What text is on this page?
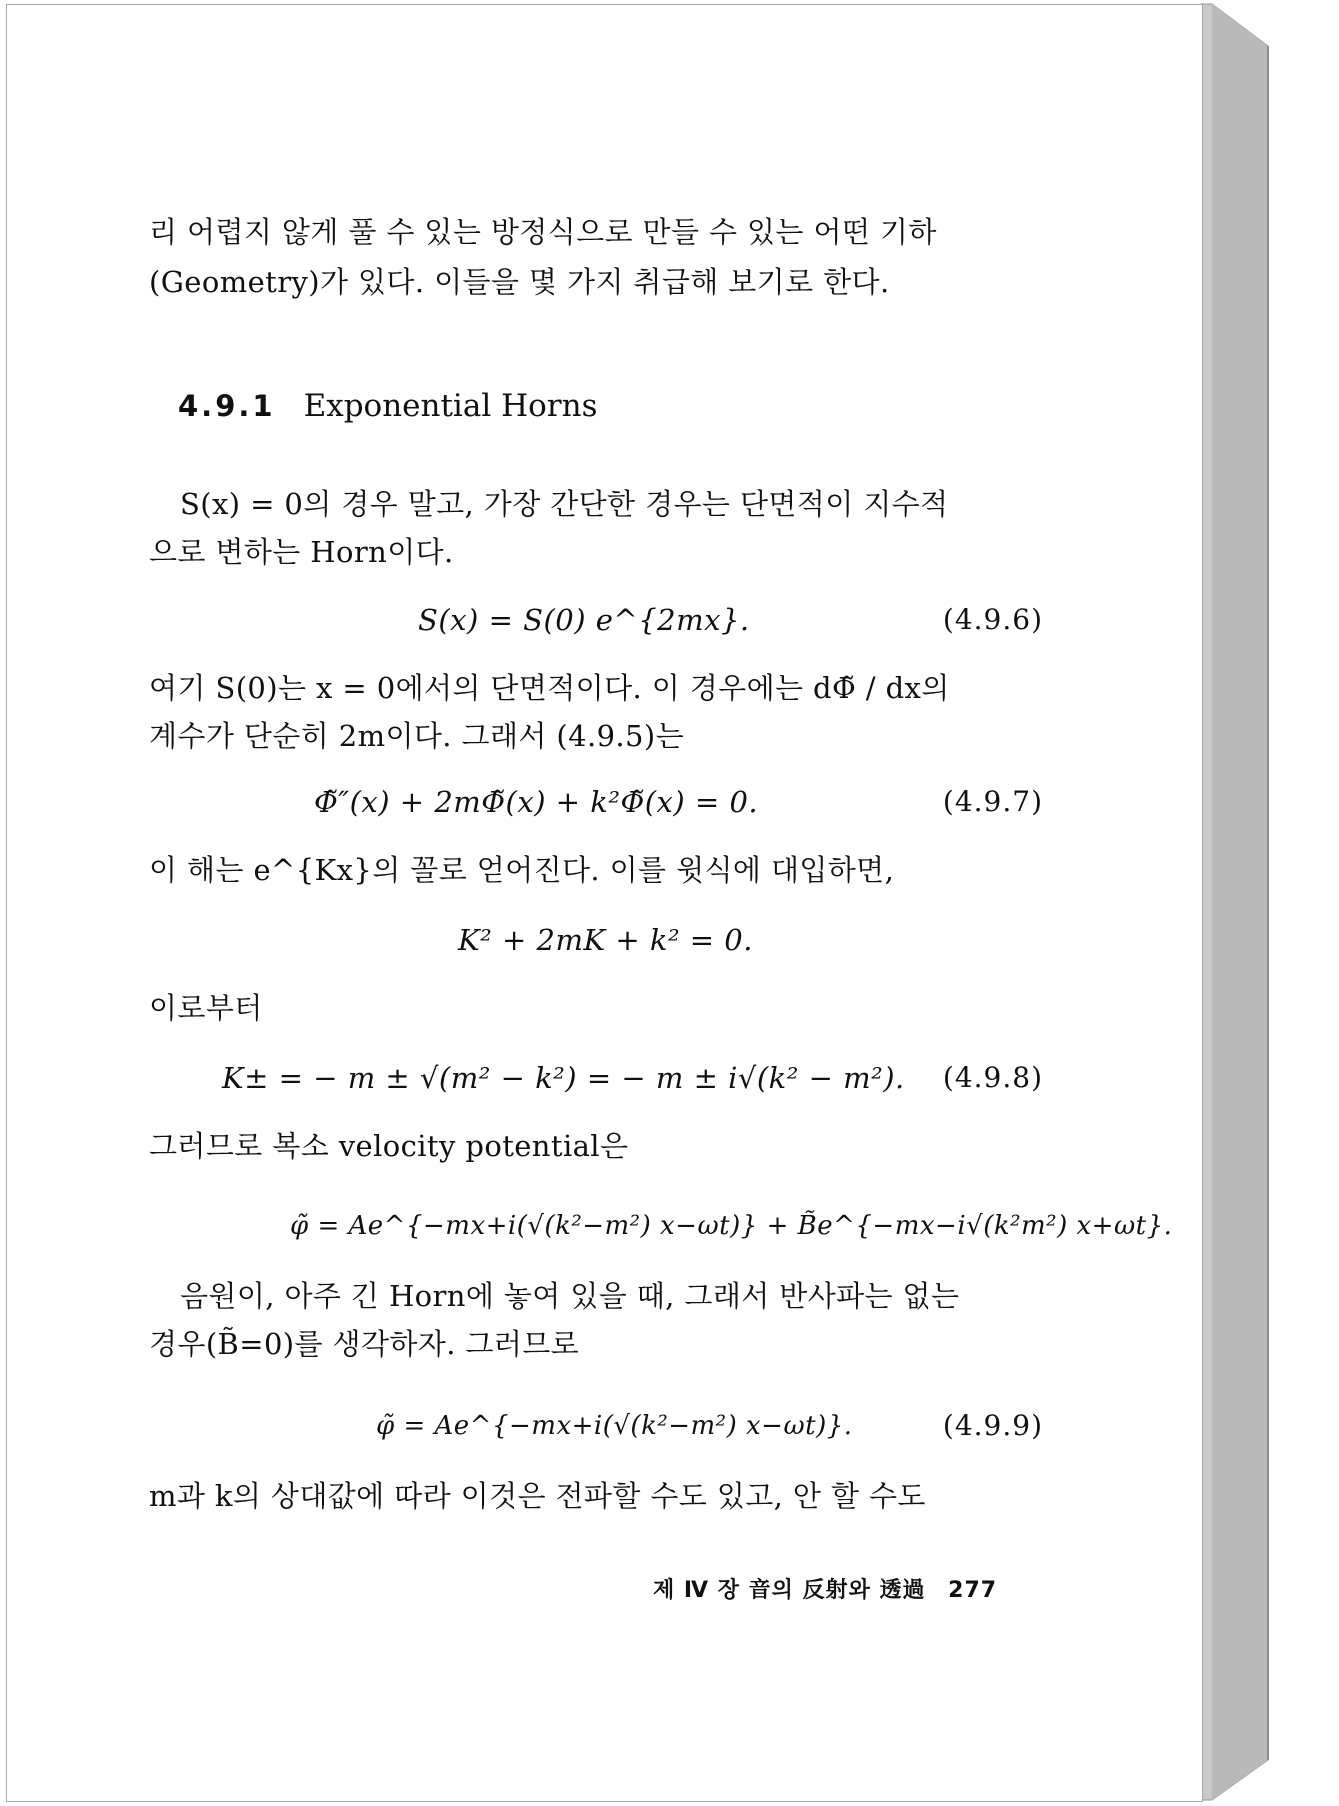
리 어렵지 않게 풀 수 있는 방정식으로 만들 수 있는 어떤 기하
(Geometry)가 있다. 이들을 몇 가지 취급해 보기로 한다.
4.9.1 Exponential Horns
S(x) = 0의 경우 말고, 가장 간단한 경우는 단면적이 지수적
으로 변하는 Horn이다.
S(x) = S(0) e^{2mx}.	(4.9.6)
여기 S(0)는 x = 0에서의 단면적이다. 이 경우에는 dΦ̃ / dx의
계수가 단순히 2m이다. 그래서 (4.9.5)는
Φ̃″(x) + 2mΦ̃(x) + k²Φ̃(x) = 0.	(4.9.7)
이 해는 e^{Kx}의 꼴로 얻어진다. 이를 윗식에 대입하면,
K² + 2mK + k² = 0.
이로부터
K± = − m ± √(m² − k²) = − m ± i√(k² − m²). (4.9.8)
그러므로 복소 velocity potential은
φ̃ = Ae^{−mx+i(√(k²−m²) x−ωt)} + B̃e^{−mx−i√(k²m²) x+ωt}.
음원이, 아주 긴 Horn에 놓여 있을 때, 그래서 반사파는 없는
경우(B̃=0)를 생각하자. 그러므로
φ̃ = Ae^{−mx+i(√(k²−m²) x−ωt)}.	(4.9.9)
m과 k의 상대값에 따라 이것은 전파할 수도 있고, 안 할 수도
제 Ⅳ 장 音의 反射와 透過 277
